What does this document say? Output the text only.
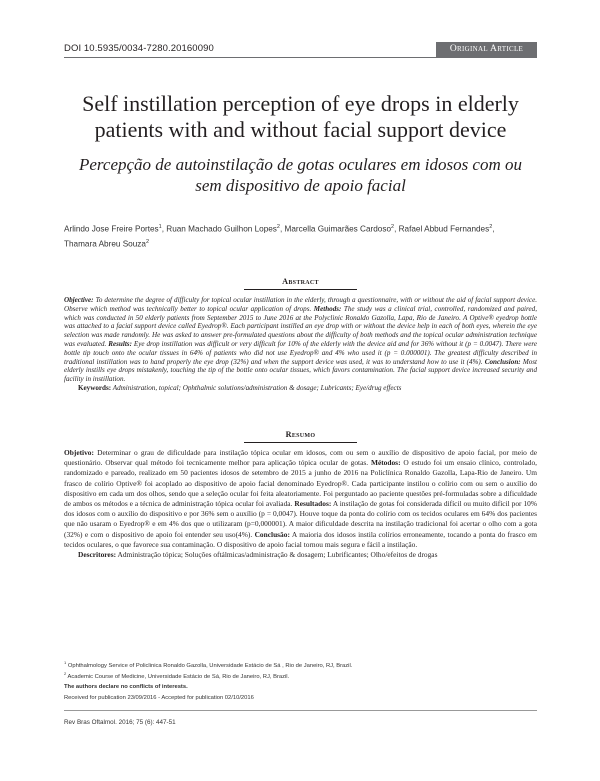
DOI 10.5935/0034-7280.20160090	Original Article
Self instillation perception of eye drops in elderly patients with and without facial support device
Percepção de autoinstilação de gotas oculares em idosos com ou sem dispositivo de apoio facial
Arlindo Jose Freire Portes$^1$, Ruan Machado Guilhon Lopes$^2$, Marcella Guimarães Cardoso$^2$, Rafael Abbud Fernandes$^2$,
Thamara Abreu Souza$^2$
Abstract
Objective: To determine the degree of difficulty for topical ocular instillation in the elderly, through a questionnaire, with or without the aid of facial support device. Observe which method was technically better to topical ocular application of drops. Methods: The study was a clinical trial, controlled, randomized and paired, which was conducted in 50 elderly patients from September 2015 to June 2016 at the Polyclinic Ronaldo Gazolla, Lapa, Rio de Janeiro. A Optive® eyedrop bottle was attached to a facial support device called Eyedrop®. Each participant instilled an eye drop with or without the device help in each of both eyes, wherein the eye selection was made randomly. He was asked to answer pre-formulated questions about the difficulty of both methods and the topical ocular administration technique was evaluated. Results: Eye drop instillation was difficult or very difficult for 10% of the elderly with the device aid and for 36% without it (p = 0.0047). There were bottle tip touch onto the ocular tissues in 64% of patients who did not use Eyedrop® and 4% who used it (p = 0.000001). The greatest difficulty described in traditional instillation was to hand properly the eye drop (32%) and when the support device was used, it was to understand how to use it (4%). Conclusion: Most elderly instills eye drops mistakenly, touching the tip of the bottle onto ocular tissues, which favors contamination. The facial support device increased security and facility in instillation.
Keywords: Administration, topical; Ophthalmic solutions/administration & dosage; Lubricants; Eye/drug effects
Resumo
Objetivo: Determinar o grau de dificuldade para instilação tópica ocular em idosos, com ou sem o auxílio de dispositivo de apoio facial, por meio de questionário. Observar qual método foi tecnicamente melhor para aplicação tópica ocular de gotas. Métodos: O estudo foi um ensaio clínico, controlado, randomizado e pareado, realizado em 50 pacientes idosos de setembro de 2015 a junho de 2016 na Policlínica Ronaldo Gazolla, Lapa-Rio de Janeiro. Um frasco de colírio Optive® foi acoplado ao dispositivo de apoio facial denominado Eyedrop®. Cada participante instilou o colírio com ou sem o auxílio do dispositivo em cada um dos olhos, sendo que a seleção ocular foi feita aleatoriamente. Foi perguntado ao paciente questões pré-formuladas sobre a dificuldade de ambos os métodos e a técnica de administração tópica ocular foi avaliada. Resultados: A instilação de gotas foi considerada difícil ou muito difícil por 10% dos idosos com o auxílio do dispositivo e por 36% sem o auxílio (p = 0,0047). Houve toque da ponta do colírio com os tecidos oculares em 64% dos pacientes que não usaram o Eyedrop® e em 4% dos que o utilizaram (p=0,000001). A maior dificuldade descrita na instilação tradicional foi acertar o olho com a gota (32%) e com o dispositivo de apoio foi entender seu uso(4%). Conclusão: A maioria dos idosos instila colírios erroneamente, tocando a ponta do frasco em tecidos oculares, o que favorece sua contaminação. O dispositivo de apoio facial tornou mais segura e fácil a instilação.
Descritores: Administração tópica; Soluções oftálmicas/administração & dosagem; Lubrificantes; Olho/efeitos de drogas
$^1$ Ophthalmology Service of Policlinica Ronaldo Gazolla, Universidade Estácio de Sá , Rio de Janeiro, RJ, Brazil.
$^2$ Academic Course of Medicine, Universidade Estácio de Sá, Rio de Janeiro, RJ, Brazil.
The authors declare no conflicts of interests.
Received for publication 23/09/2016 - Accepted for publication 02/10/2016
Rev Bras Oftalmol. 2016; 75 (6): 447-51
